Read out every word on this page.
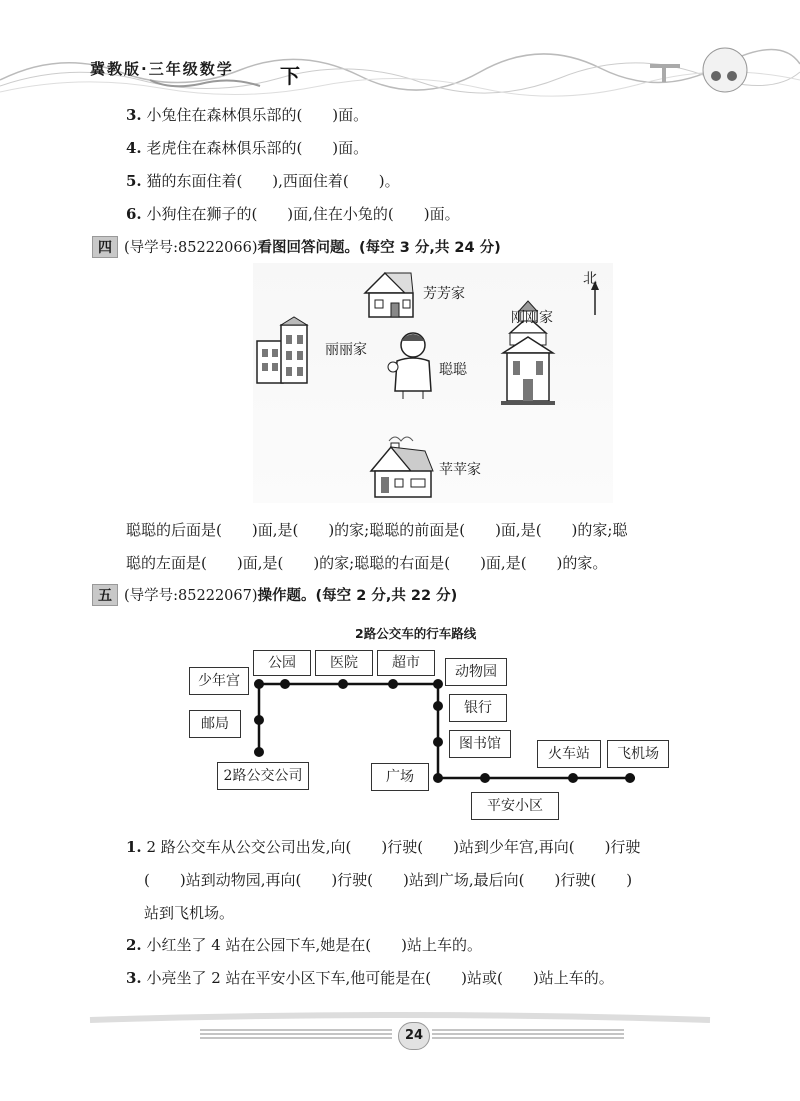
冀教版·三年级数学 下
3. 小兔住在森林俱乐部的(　　)面。
4. 老虎住在森林俱乐部的(　　)面。
5. 猫的东面住着(　　),西面住着(　　)。
6. 小狗住在狮子的(　　)面,住在小兔的(　　)面。
四 (导学号:85222066)看图回答问题。(每空 3 分,共 24 分)
北
芳芳家
刚刚家
丽丽家
聪聪
苹苹家
聪聪的后面是(　　)面,是(　　)的家;聪聪的前面是(　　)面,是(　　)的家;聪
聪的左面是(　　)面,是(　　)的家;聪聪的右面是(　　)面,是(　　)的家。
五 (导学号:85222067)操作题。(每空 2 分,共 22 分)
2路公交车的行车路线
少年宫
邮局
2路公交公司
公园	医院	超市
动物园
银行
图书馆
广场
火车站	飞机场
平安小区
1. 2 路公交车从公交公司出发,向(　　)行驶(　　)站到少年宫,再向(　　)行驶
(　　)站到动物园,再向(　　)行驶(　　)站到广场,最后向(　　)行驶(　　)
站到飞机场。
2. 小红坐了 4 站在公园下车,她是在(　　)站上车的。
3. 小亮坐了 2 站在平安小区下车,他可能是在(　　)站或(　　)站上车的。
24
